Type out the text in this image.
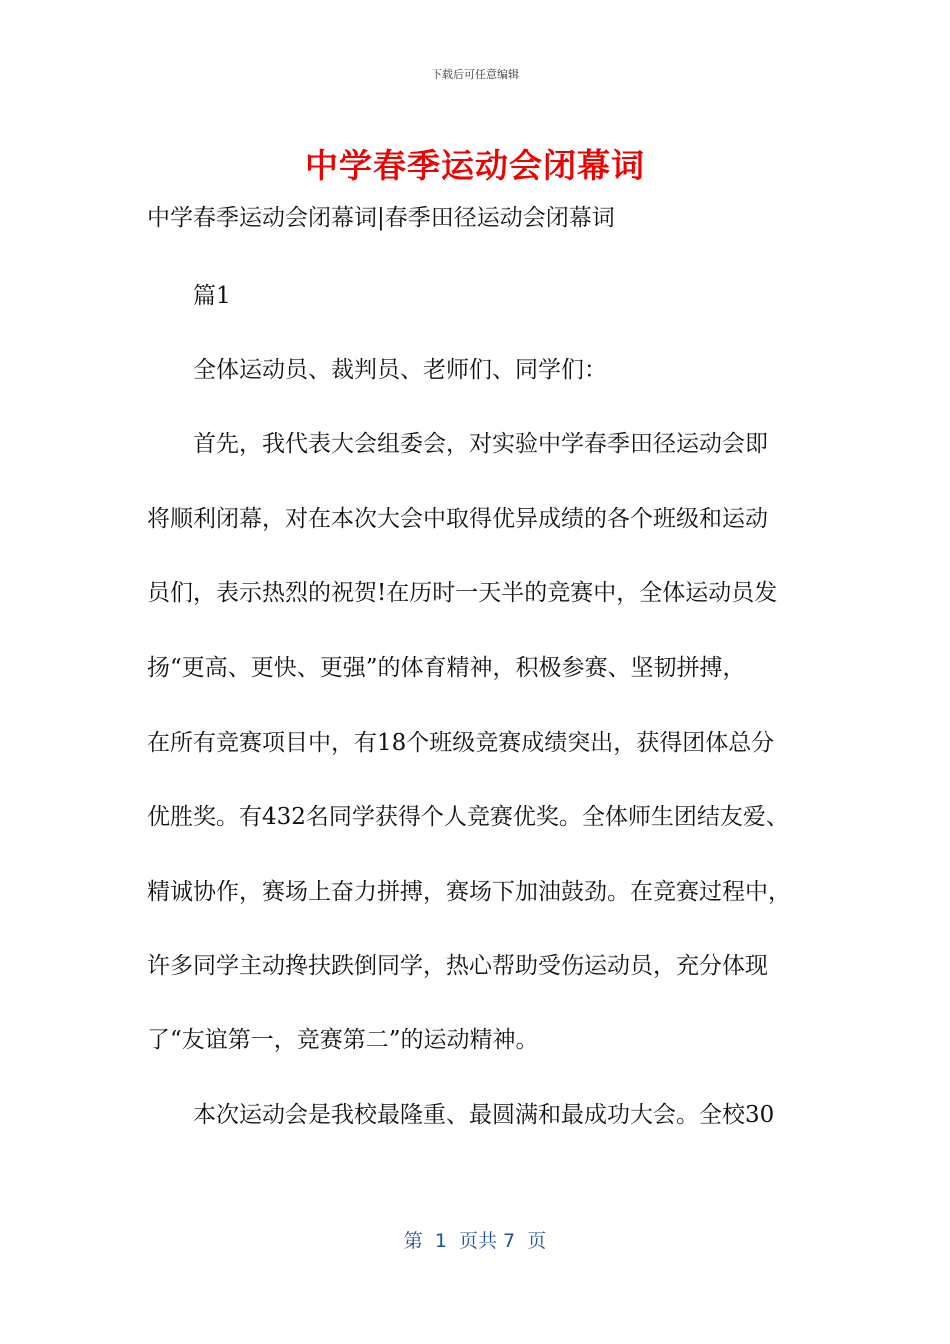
下载后可任意编辑
中学春季运动会闭幕词
中学春季运动会闭幕词|春季田径运动会闭幕词
　　篇1
　　全体运动员、裁判员、老师们、同学们：
　　首先，我代表大会组委会，对实验中学春季田径运动会即
将顺利闭幕，对在本次大会中取得优异成绩的各个班级和运动
员们，表示热烈的祝贺!在历时一天半的竞赛中，全体运动员发
扬“更高、更快、更强”的体育精神，积极参赛、坚韧拼搏，
在所有竞赛项目中，有18个班级竞赛成绩突出，获得团体总分
优胜奖。有432名同学获得个人竞赛优奖。全体师生团结友爱、
精诚协作，赛场上奋力拼搏，赛场下加油鼓劲。在竞赛过程中，
许多同学主动搀扶跌倒同学，热心帮助受伤运动员，充分体现
了“友谊第一，竞赛第二”的运动精神。
　　本次运动会是我校最隆重、最圆满和最成功大会。全校30
第  1  页共 7  页
